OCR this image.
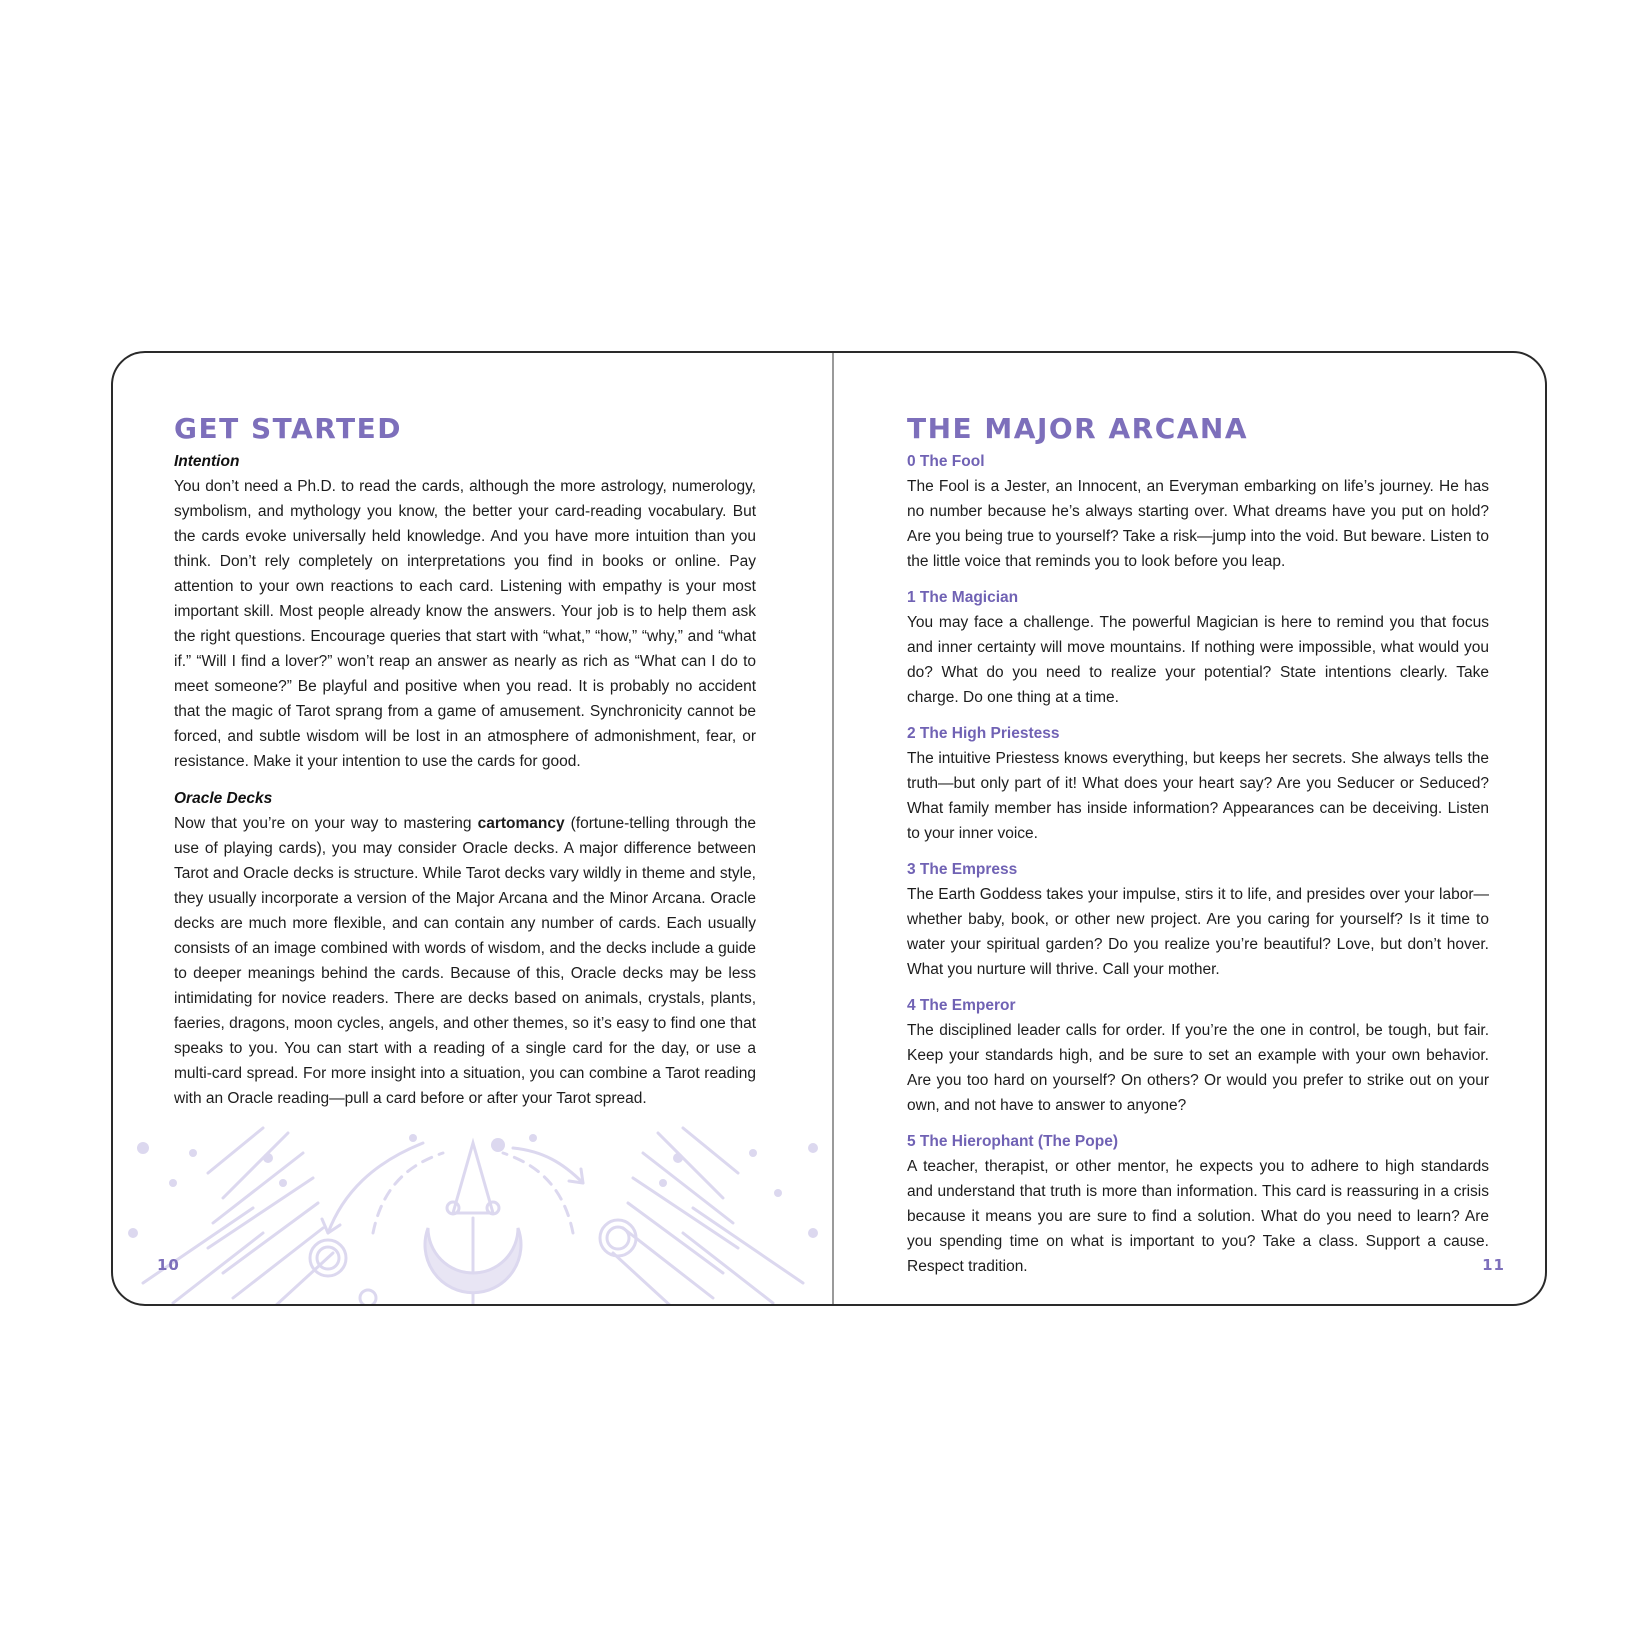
GET STARTED
Intention

You don’t need a Ph.D. to read the cards, although the more astrology, numerology, symbolism, and mythology you know, the better your card-reading vocabulary. But the cards evoke universally held knowledge. And you have more intuition than you think. Don’t rely completely on interpretations you find in books or online. Pay attention to your own reactions to each card. Listening with empathy is your most important skill. Most people already know the answers. Your job is to help them ask the right questions. Encourage queries that start with “what,” “how,” “why,” and “what if.” “Will I find a lover?” won’t reap an answer as nearly as rich as “What can I do to meet someone?” Be playful and positive when you read. It is probably no accident that the magic of Tarot sprang from a game of amusement. Synchronicity cannot be forced, and subtle wisdom will be lost in an atmosphere of admonishment, fear, or resistance. Make it your intention to use the cards for good.

Oracle Decks

Now that you’re on your way to mastering cartomancy (fortune-telling through the use of playing cards), you may consider Oracle decks. A major difference between Tarot and Oracle decks is structure. While Tarot decks vary wildly in theme and style, they usually incorporate a version of the Major Arcana and the Minor Arcana. Oracle decks are much more flexible, and can contain any number of cards. Each usually consists of an image combined with words of wisdom, and the decks include a guide to deeper meanings behind the cards. Because of this, Oracle decks may be less intimidating for novice readers. There are decks based on animals, crystals, plants, faeries, dragons, moon cycles, angels, and other themes, so it’s easy to find one that speaks to you. You can start with a reading of a single card for the day, or use a multi-card spread. For more insight into a situation, you can combine a Tarot reading with an Oracle reading—pull a card before or after your Tarot spread.

10
THE MAJOR ARCANA
0 The Fool

The Fool is a Jester, an Innocent, an Everyman embarking on life’s journey. He has no number because he’s always starting over. What dreams have you put on hold? Are you being true to yourself? Take a risk—jump into the void. But beware. Listen to the little voice that reminds you to look before you leap.

1 The Magician

You may face a challenge. The powerful Magician is here to remind you that focus and inner certainty will move mountains. If nothing were impossible, what would you do? What do you need to realize your potential? State intentions clearly. Take charge. Do one thing at a time.

2 The High Priestess

The intuitive Priestess knows everything, but keeps her secrets. She always tells the truth—but only part of it! What does your heart say? Are you Seducer or Seduced? What family member has inside information? Appearances can be deceiving. Listen to your inner voice.

3 The Empress

The Earth Goddess takes your impulse, stirs it to life, and presides over your labor—whether baby, book, or other new project. Are you caring for yourself? Is it time to water your spiritual garden? Do you realize you’re beautiful? Love, but don’t hover. What you nurture will thrive. Call your mother.

4 The Emperor

The disciplined leader calls for order. If you’re the one in control, be tough, but fair. Keep your standards high, and be sure to set an example with your own behavior. Are you too hard on yourself? On others? Or would you prefer to strike out on your own, and not have to answer to anyone?

5 The Hierophant (The Pope)

A teacher, therapist, or other mentor, he expects you to adhere to high standards and understand that truth is more than information. This card is reassuring in a crisis because it means you are sure to find a solution. What do you need to learn? Are you spending time on what is important to you? Take a class. Support a cause. Respect tradition.	11
